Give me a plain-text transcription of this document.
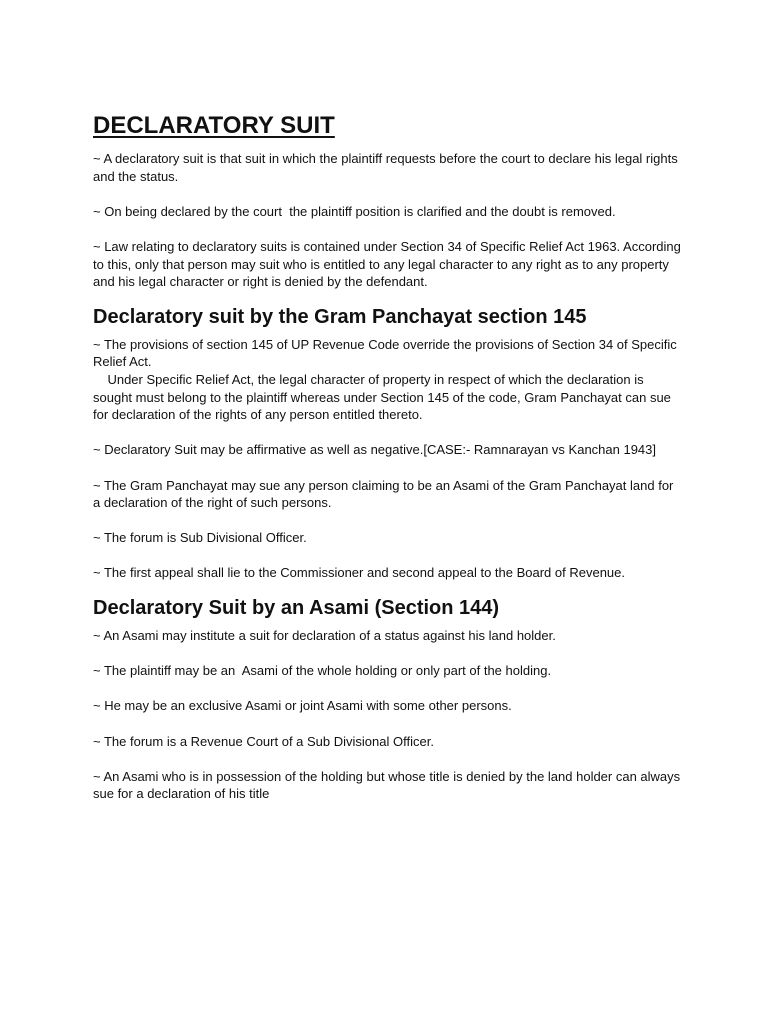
DECLARATORY SUIT

~ A declaratory suit is that suit in which the plaintiff requests before the court to declare his legal rights and the status.

~ On being declared by the court  the plaintiff position is clarified and the doubt is removed.

~ Law relating to declaratory suits is contained under Section 34 of Specific Relief Act 1963. According to this, only that person may suit who is entitled to any legal character to any right as to any property and his legal character or right is denied by the defendant.

Declaratory suit by the Gram Panchayat section 145

~ The provisions of section 145 of UP Revenue Code override the provisions of Section 34 of Specific Relief Act.

Under Specific Relief Act, the legal character of property in respect of which the declaration is sought must belong to the plaintiff whereas under Section 145 of the code, Gram Panchayat can sue for declaration of the rights of any person entitled thereto.

~ Declaratory Suit may be affirmative as well as negative.[CASE:- Ramnarayan vs Kanchan 1943]

~ The Gram Panchayat may sue any person claiming to be an Asami of the Gram Panchayat land for a declaration of the right of such persons.

~ The forum is Sub Divisional Officer.

~ The first appeal shall lie to the Commissioner and second appeal to the Board of Revenue.

Declaratory Suit by an Asami (Section 144)

~ An Asami may institute a suit for declaration of a status against his land holder.

~ The plaintiff may be an  Asami of the whole holding or only part of the holding.

~ He may be an exclusive Asami or joint Asami with some other persons.

~ The forum is a Revenue Court of a Sub Divisional Officer.

~ An Asami who is in possession of the holding but whose title is denied by the land holder can always sue for a declaration of his title
